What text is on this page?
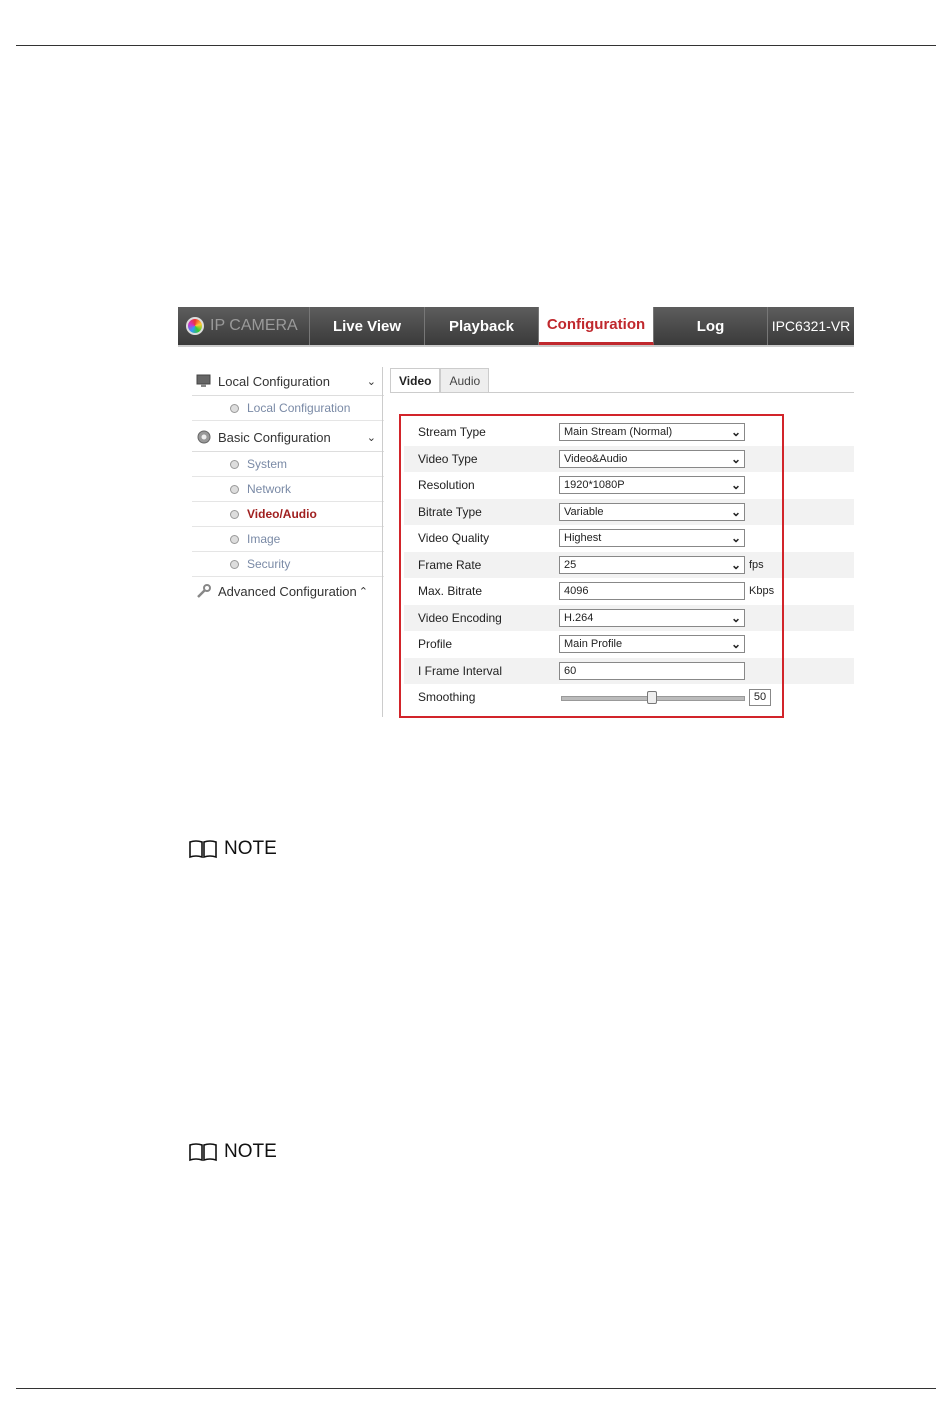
IP CAMERA	Live View	Playback	Configuration	Log	IPC6321-VR
Local Configuration	⌄
Local Configuration
Basic Configuration	⌄
System
Network
Video/Audio
Image
Security
Advanced Configuration ⌃
Video	Audio
Stream Type	Main Stream (Normal)	⌄
Video Type	Video&Audio	⌄
Resolution	1920*1080P	⌄
Bitrate Type	Variable	⌄
Video Quality	Highest	⌄
Frame Rate	25	⌄ fps
Max. Bitrate	4096	Kbps
Video Encoding	H.264	⌄
Profile	Main Profile	⌄
I Frame Interval	60
Smoothing	50
NOTE
NOTE
